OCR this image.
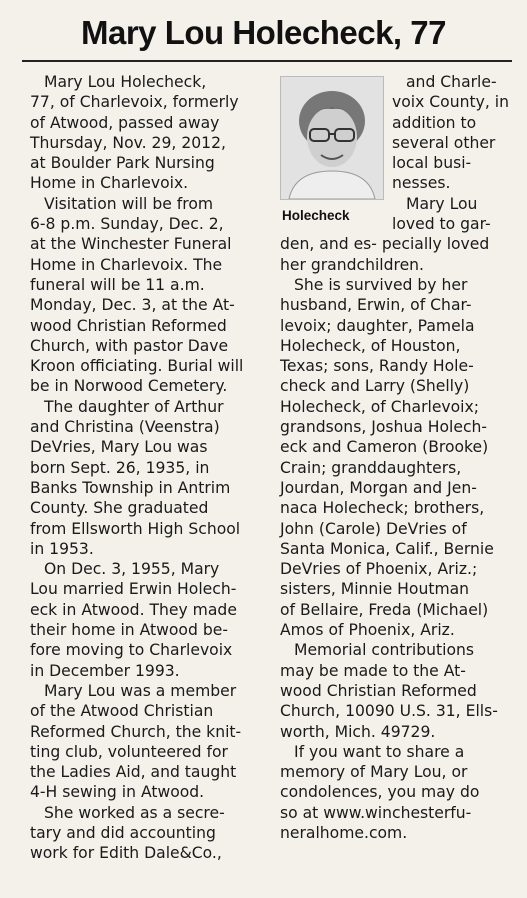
Mary Lou Holecheck, 77

Mary Lou Holecheck,
77, of Charlevoix, formerly
of Atwood, passed away
Thursday, Nov. 29, 2012,
at Boulder Park Nursing
Home in Charlevoix.

Visitation will be from
6-8 p.m. Sunday, Dec. 2,
at the Winchester Funeral
Home in Charlevoix. The
funeral will be 11 a.m.
Monday, Dec. 3, at the At-
wood Christian Reformed
Church, with pastor Dave
Kroon officiating. Burial will
be in Norwood Cemetery.

The daughter of Arthur
and Christina (Veenstra)
DeVries, Mary Lou was
born Sept. 26, 1935, in
Banks Township in Antrim
County. She graduated
from Ellsworth High School
in 1953.

On Dec. 3, 1955, Mary
Lou married Erwin Holech-
eck in Atwood. They made
their home in Atwood be-
fore moving to Charlevoix
in December 1993.

Mary Lou was a member
of the Atwood Christian
Reformed Church, the knit-
ting club, volunteered for
the Ladies Aid, and taught
4-H sewing in Atwood.

She worked as a secre-
tary and did accounting
work for Edith Dale&Co.,

Holecheck

and Charle- voix County, in addition to several other local busi- nesses.

Mary Lou loved to gar- den, and es- pecially loved her grandchildren.

She is survived by her
husband, Erwin, of Char-
levoix; daughter, Pamela
Holecheck, of Houston,
Texas; sons, Randy Hole-
check and Larry (Shelly)
Holecheck, of Charlevoix;
grandsons, Joshua Holech-
eck and Cameron (Brooke)
Crain; granddaughters,
Jourdan, Morgan and Jen-
naca Holecheck; brothers,
John (Carole) DeVries of
Santa Monica, Calif., Bernie
DeVries of Phoenix, Ariz.;
sisters, Minnie Houtman
of Bellaire, Freda (Michael)
Amos of Phoenix, Ariz.

Memorial contributions
may be made to the At-
wood Christian Reformed
Church, 10090 U.S. 31, Ells-
worth, Mich. 49729.

If you want to share a
memory of Mary Lou, or
condolences, you may do
so at www.winchesterfu-
neralhome.com.
